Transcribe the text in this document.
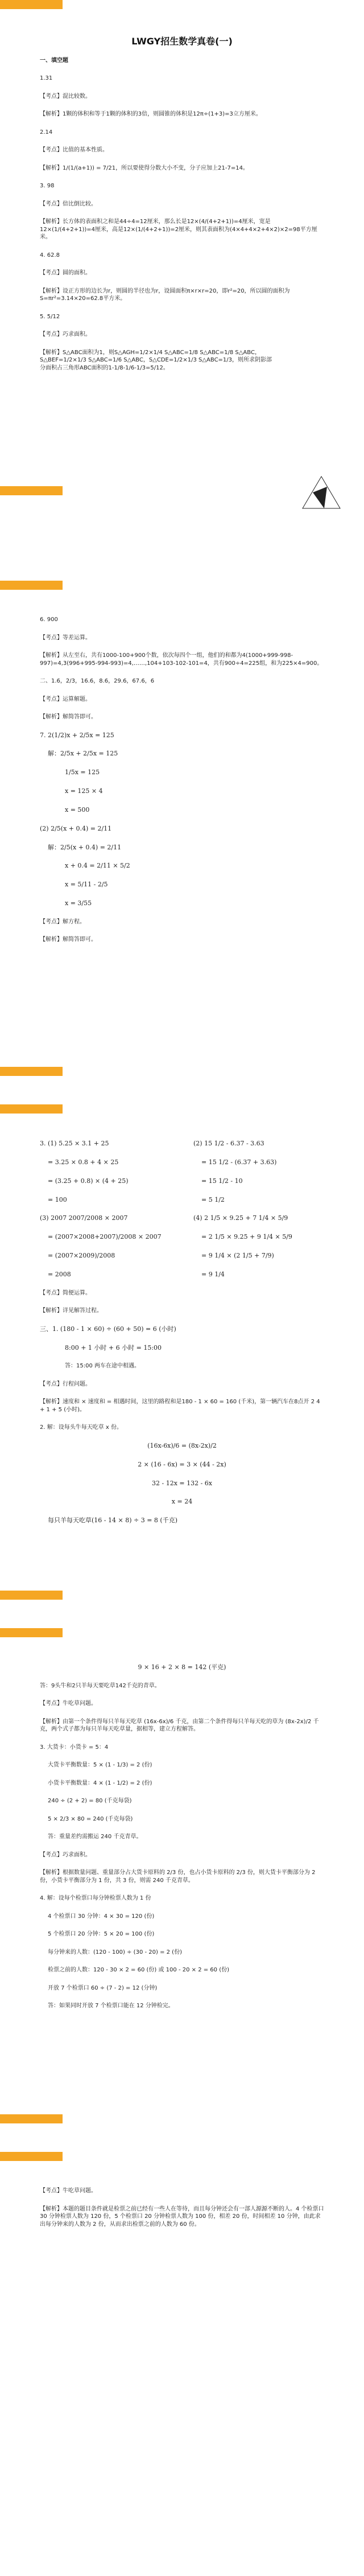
LWGY招生数学真卷(一)
一、填空题
1.31
【考点】混比较数。
【解析】1颗的体积和等于1颗的体积的3倍，则圆锥的体积是12π÷(1+3)=3立方厘米。
2.14
【考点】比值的基本性质。
【解析】1/(1/(a+1)) = 7/21，所以要使得分数大小不变，分子应加上21-7=14。
3. 98
【考点】倍比倒比较。
【解析】长方体的表面积之和是44÷4=12厘米，那么长是12×(4/(4+2+1))=4厘米，宽是12×(1/(4+2+1))=4厘米，高是12×(1/(4+2+1))=2厘米，则其表面积为(4×4+4×2+4×2)×2=98平方厘米。
4. 62.8
【考点】圆的面积。
【解析】设正方形的边长为r，则圆的半径也为r，设圆面积π×r×r=20，即r²=20，所以圆的面积为S=πr²=3.14×20=62.8平方米。
5. 5/12
【考点】巧求面积。
【解析】S△ABC面积为1，则S△AGH=1/2×1/4 S△ABC=1/8 S△ABC=1/8 S△ABC，S△BEF=1/2×1/3 S△ABC=1/6 S△ABC，S△CDE=1/2×1/3 S△ABC=1/3，则所求阴影部分面积占三角形ABC面积的1-1/8-1/6-1/3=5/12。
6. 900
【考点】等差运算。
【解析】从左至右，共有1000-100+900个数，依次每四个一组，他们的和都为4(1000+999-998-997)=4,3(996+995-994-993)=4,……,104+103-102-101=4，共有900÷4=225组，和为225×4=900。
二、1.6，2/3，16.6，8.6，29.6，67.6，6
【考点】运算解题。
【解析】解简答即可。
7. 2(1/2)x + 2/5x = 125
解：2/5x + 2/5x = 125
1/5x = 125
x = 125 × 4
x = 500
(2) 2/5(x + 0.4) = 2/11
解：2/5(x + 0.4) = 2/11
x + 0.4 = 2/11 × 5/2
x = 5/11 - 2/5
x = 3/55
【考点】解方程。
【解析】解简答即可。
3. (1) 5.25 × 3.1 + 25
= 3.25 × 0.8 + 4 × 25
= (3.25 + 0.8) × (4 + 25)
= 100
(2) 15 1/2 - 6.37 - 3.63
= 15 1/2 - (6.37 + 3.63)
= 15 1/2 - 10
= 5 1/2
(3) 2007 2007/2008 × 2007
= (2007×2008+2007)/2008 × 2007
= (2007×2009)/2008
= 2008
(4) 2 1/5 × 9.25 + 7 1/4 × 5/9
= 2 1/5 × 9.25 + 9 1/4 × 5/9
= 9 1/4 × (2 1/5 + 7/9)
= 9 1/4
【考点】简便运算。
【解析】详见解答过程。
三、1. (180 - 1 × 60) ÷ (60 + 50) = 6 (小时)
8:00 + 1 小时 + 6 小时 = 15:00
答：15:00 两车在途中相遇。
【考点】行程问题。
【解析】速度和 × 速度和 = 相遇时间，这里的路程和是180 - 1 × 60 = 160 (千米)，第一辆汽车在8点开 2 4 + 1 + 5 (小时)。
2. 解：设每头牛每天吃草 x 份。
(16x-6x)/6 = (8x-2x)/2
2 × (16 - 6x) = 3 × (44 - 2x)
32 - 12x = 132 - 6x
x = 24
每只羊每天吃草(16 - 14 × 8) ÷ 3 = 8 (千克)
9 × 16 + 2 × 8 = 142 (平克)
答：9头牛和2只羊每天要吃草142千克的青草。
【考点】牛吃草问题。
【解析】由第一个条件得每只羊每天吃草 (16x-6x)/6 千克，由第二个条件得每只羊每天吃的草为 (8x-2x)/2 千克，两个式子都为每只羊每天吃草量，据相等，建立方程解答。
3. 大货卡：小货卡 = 5：4
大货卡平衡数量：5 × (1 - 1/3) = 2 (份)
小货卡平衡数量：4 × (1 - 1/2) = 2 (份)
240 ÷ (2 + 2) = 80 (千克每袋)
5 × 2/3 × 80 = 240 (千克每袋)
答：重量差约需搬运 240 千克青草。
【考点】巧求面积。
【解析】根据数量问题、重量部分占大货卡原料的 2/3 份，也占小货卡原料的 2/3 份，则大货卡平衡部分为 2 份，小货卡平衡部分为 1 份，共 3 份，则需 240 千克青草。
4. 解：设每个检票口每分钟检票人数为 1 份
4 个检票口 30 分钟：4 × 30 = 120 (份)
5 个检票口 20 分钟：5 × 20 = 100 (份)
每分钟来的人数：(120 - 100) ÷ (30 - 20) = 2 (份)
检票之前的人数：120 - 30 × 2 = 60 (份) 或 100 - 20 × 2 = 60 (份)
开放 7 个检票口 60 ÷ (7 - 2) = 12 (分钟)
答：如果同时开放 7 个检票口能在 12 分钟检完。
【考点】牛吃草问题。
【解析】本题的题目条件就是检票之前已经有一些人在等待，而且每分钟还会有一部人源源不断的人。4 个检票口 30 分钟检票人数为 120 份，5 个检票口 20 分钟检票人数为 100 份，相差 20 份，时间相差 10 分钟，由此求出每分钟来的人数为 2 份，从而求出检票之前的人数为 60 份。
